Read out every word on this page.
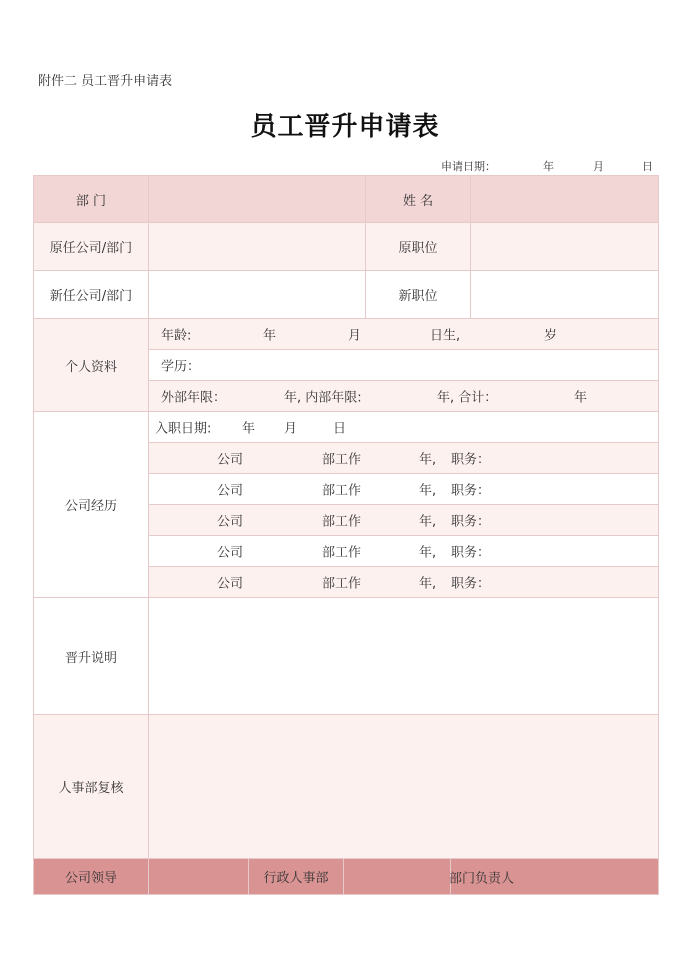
附件二 员工晋升申请表
员工晋升申请表
申请日期：	年	月	日
部 门				姓 名		
原任公司/部门				原职位		
新任公司/部门				新职位		
个人资料	年龄: 年 月 日生, 岁					

	学历：					

	外部年限： 年, 内部年限: 年, 合计： 年					

公司经历	入职日期: 年 月 日					

	公司 部工作 年, 职务：					

	公司 部工作 年, 职务：					

	公司 部工作 年, 职务：					

	公司 部工作 年, 职务：					

	公司 部工作 年, 职务：					

晋升说明						
人事部复核						
公司领导		行政人事部			部门负责人	
